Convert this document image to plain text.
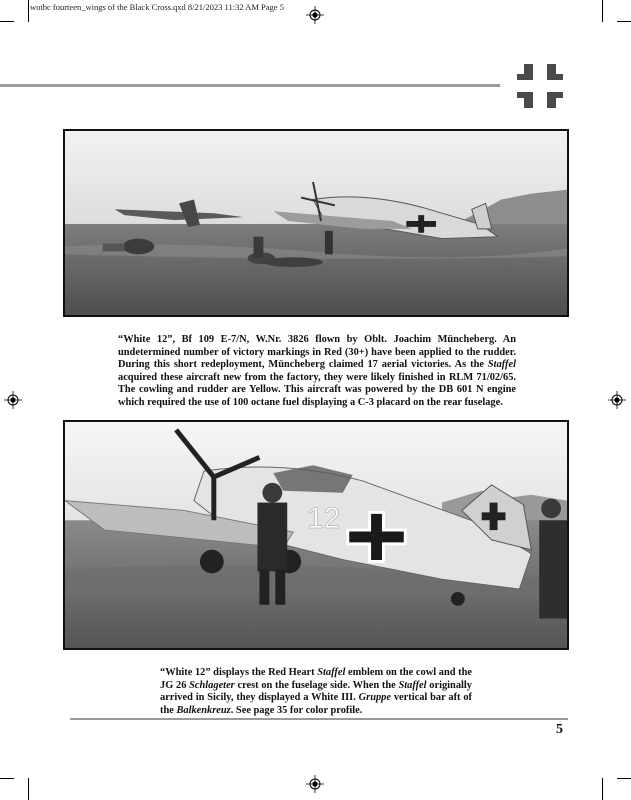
wotbc fourteen_wings of the Black Cross.qxd 8/21/2023 11:32 AM Page 5
“White 12”, Bf 109 E-7/N, W.Nr. 3826 flown by Oblt. Joachim Müncheberg. An undetermined number of victory markings in Red (30+) have been applied to the rudder. During this short redeployment, Müncheberg claimed 17 aerial victories. As the Staffel acquired these aircraft new from the factory, they were likely finished in RLM 71/02/65. The cowling and rudder are Yellow. This aircraft was powered by the DB 601 N engine which required the use of 100 octane fuel displaying a C-3 placard on the rear fuselage.
12
“White 12” displays the Red Heart Staffel emblem on the cowl and the JG 26 Schlageter crest on the fuselage side. When the Staffel originally arrived in Sicily, they displayed a White III. Gruppe vertical bar aft of the Balkenkreuz. See page 35 for color profile.
5
